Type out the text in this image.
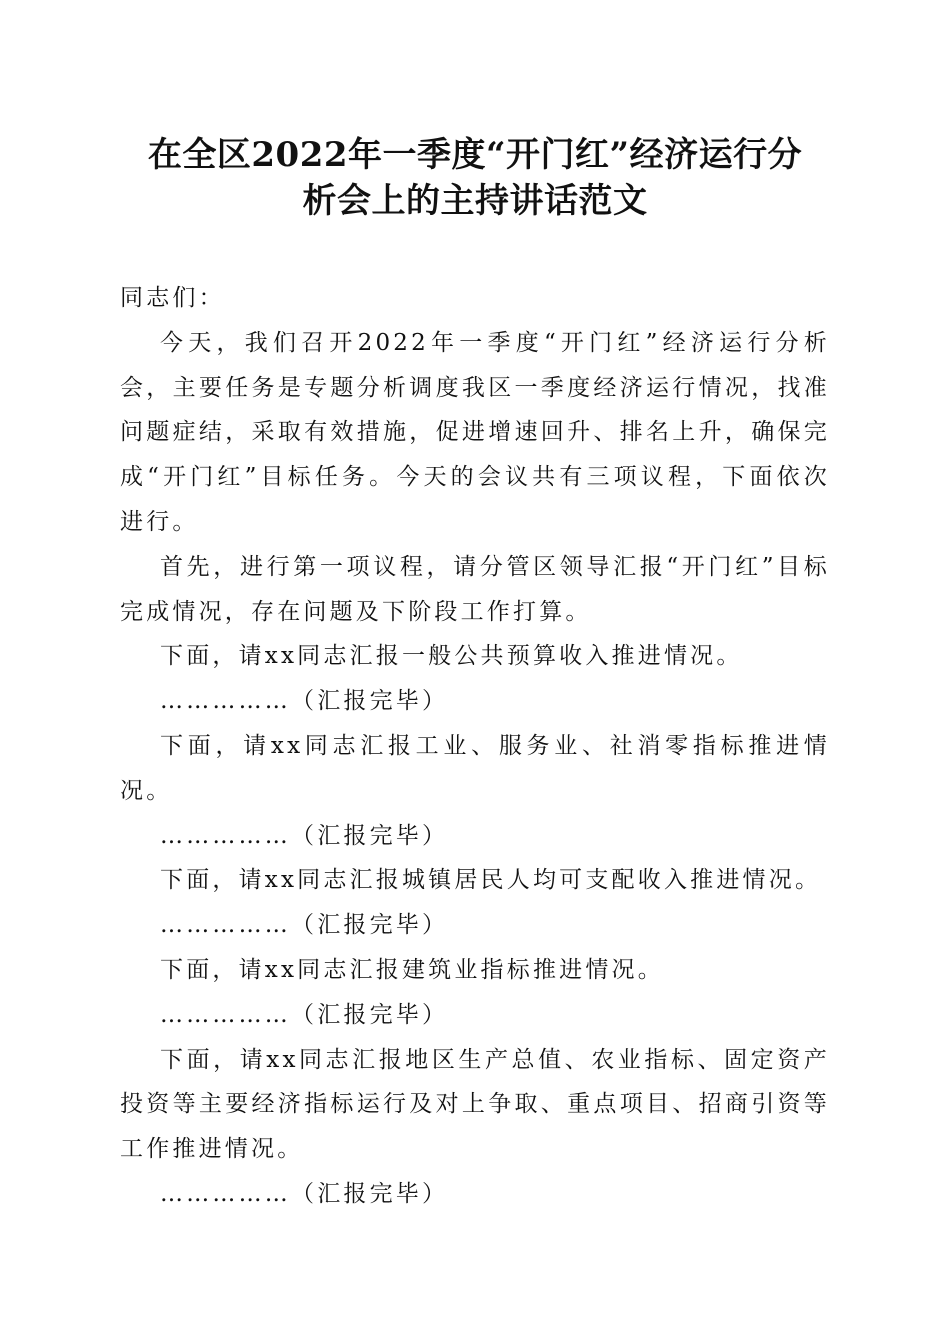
在全区2022年一季度“开门红”经济运行分
析会上的主持讲话范文

同志们：

今天，我们召开2022年一季度“开门红”经济运行分析会，主要任务是专题分析调度我区一季度经济运行情况，找准问题症结，采取有效措施，促进增速回升、排名上升，确保完成“开门红”目标任务。今天的会议共有三项议程，下面依次进行。

首先，进行第一项议程，请分管区领导汇报“开门红”目标完成情况，存在问题及下阶段工作打算。

下面，请xx同志汇报一般公共预算收入推进情况。

……………（汇报完毕）

下面，请xx同志汇报工业、服务业、社消零指标推进情况。

……………（汇报完毕）

下面，请xx同志汇报城镇居民人均可支配收入推进情况。

……………（汇报完毕）

下面，请xx同志汇报建筑业指标推进情况。

……………（汇报完毕）

下面，请xx同志汇报地区生产总值、农业指标、固定资产投资等主要经济指标运行及对上争取、重点项目、招商引资等工作推进情况。

……………（汇报完毕）
